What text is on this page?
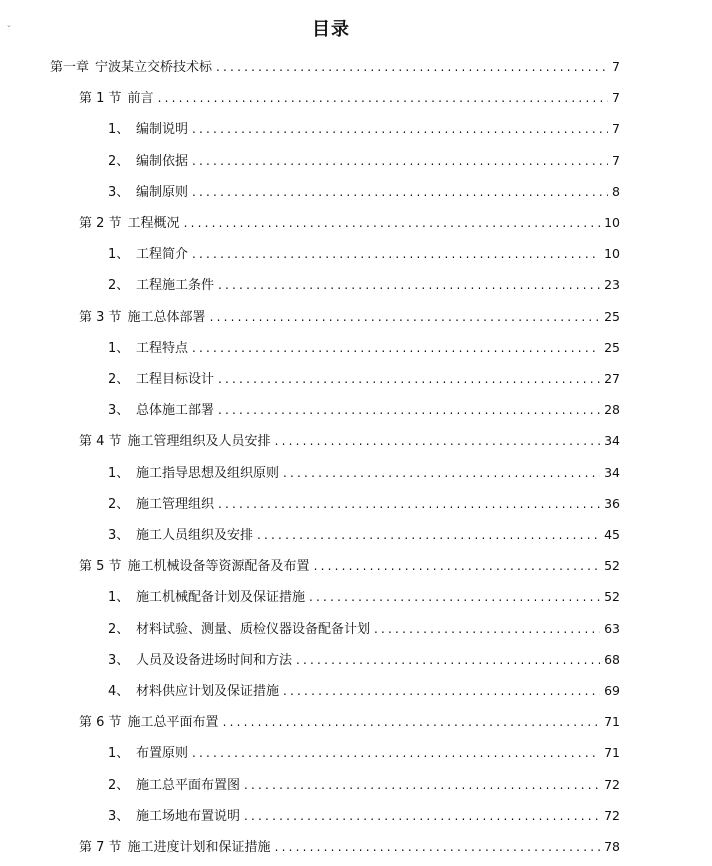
⌄	目录
第一章 宁波某立交桥技术标 .....	7
第 1 节 前言 .....	7
1、 编制说明 .....	7
2、 编制依据 .....	7
3、 编制原则 .....	8
第 2 节 工程概况 .....	10
1、 工程简介 .....	10
2、 工程施工条件 .....	23
第 3 节 施工总体部署 .....	25
1、 工程特点 .....	25
2、 工程目标设计 .....	27
3、 总体施工部署 .....	28
第 4 节 施工管理组织及人员安排 .....	34
1、 施工指导思想及组织原则 .....	34
2、 施工管理组织 .....	36
3、 施工人员组织及安排 .....	45
第 5 节 施工机械设备等资源配备及布置 .....	52
1、 施工机械配备计划及保证措施 .....	52
2、 材料试验、测量、质检仪器设备配备计划 .....	63
3、 人员及设备进场时间和方法 .....	68
4、 材料供应计划及保证措施 .....	69
第 6 节 施工总平面布置 .....	71
1、 布置原则 .....	71
2、 施工总平面布置图 .....	72
3、 施工场地布置说明 .....	72
第 7 节 施工进度计划和保证措施 .....	78
